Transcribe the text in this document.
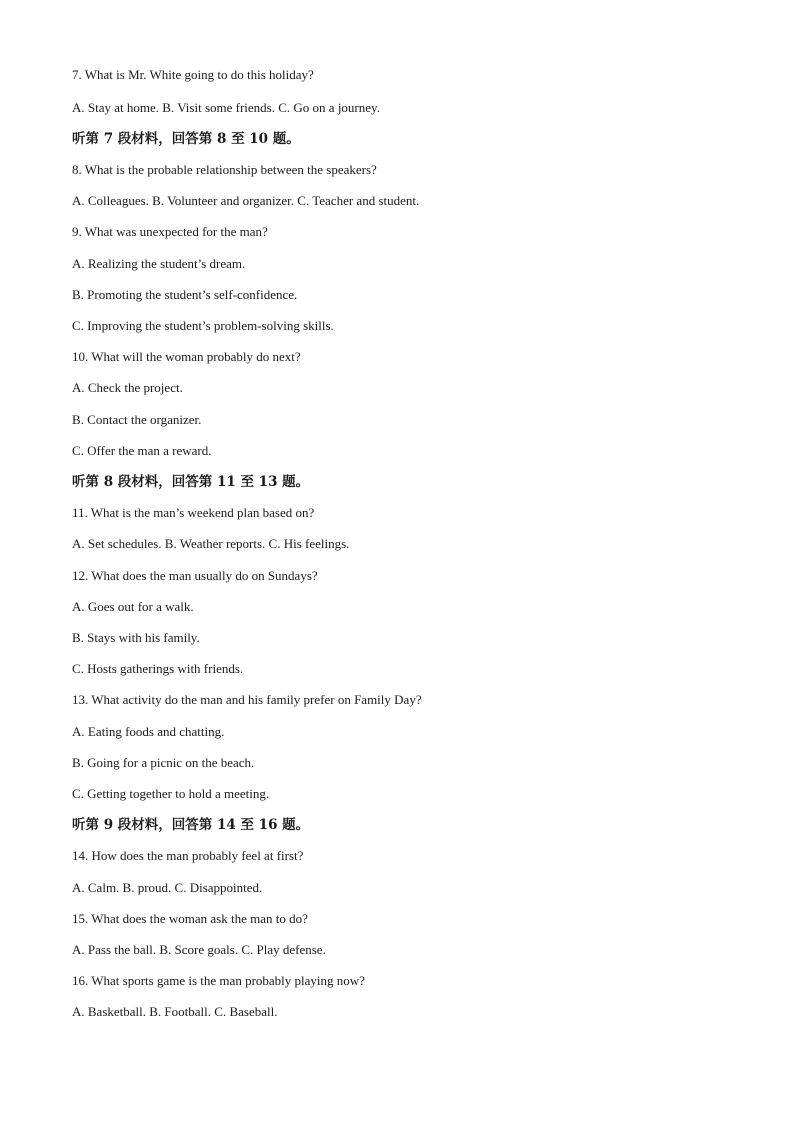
7. What is Mr. White going to do this holiday?
A. Stay at home. B. Visit some friends. C. Go on a journey.
听第 7 段材料，回答第 8 至 10 题。
8. What is the probable relationship between the speakers?
A. Colleagues. B. Volunteer and organizer. C. Teacher and student.
9. What was unexpected for the man?
A. Realizing the student’s dream.
B. Promoting the student’s self-confidence.
C. Improving the student’s problem-solving skills.
10. What will the woman probably do next?
A. Check the project.
B. Contact the organizer.
C. Offer the man a reward.
听第 8 段材料，回答第 11 至 13 题。
11. What is the man’s weekend plan based on?
A. Set schedules. B. Weather reports. C. His feelings.
12. What does the man usually do on Sundays?
A. Goes out for a walk.
B. Stays with his family.
C. Hosts gatherings with friends.
13. What activity do the man and his family prefer on Family Day?
A. Eating foods and chatting.
B. Going for a picnic on the beach.
C. Getting together to hold a meeting.
听第 9 段材料，回答第 14 至 16 题。
14. How does the man probably feel at first?
A. Calm. B. proud. C. Disappointed.
15. What does the woman ask the man to do?
A. Pass the ball. B. Score goals. C. Play defense.
16. What sports game is the man probably playing now?
A. Basketball. B. Football. C. Baseball.
